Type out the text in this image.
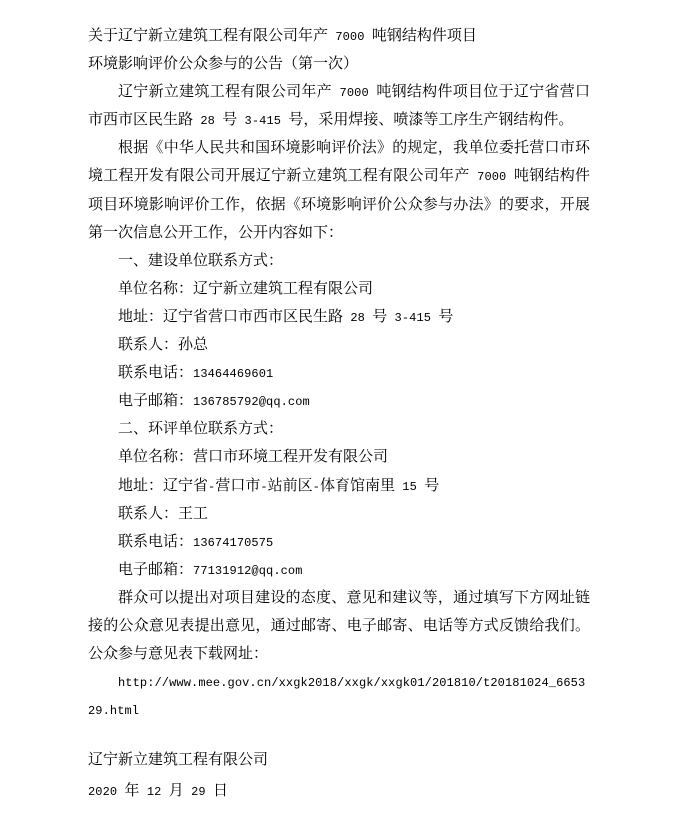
关于辽宁新立建筑工程有限公司年产 7000 吨钢结构件项目

环境影响评价公众参与的公告（第一次）

辽宁新立建筑工程有限公司年产 7000 吨钢结构件项目位于辽宁省营口市西市区民生路 28 号 3-415 号，采用焊接、喷漆等工序生产钢结构件。

根据《中华人民共和国环境影响评价法》的规定，我单位委托营口市环境工程开发有限公司开展辽宁新立建筑工程有限公司年产 7000 吨钢结构件项目环境影响评价工作，依据《环境影响评价公众参与办法》的要求，开展第一次信息公开工作，公开内容如下：

一、建设单位联系方式：

单位名称：辽宁新立建筑工程有限公司

地址：辽宁省营口市西市区民生路 28 号 3-415 号

联系人：孙总

联系电话：13464469601

电子邮箱：136785792@qq.com

二、环评单位联系方式：

单位名称：营口市环境工程开发有限公司

地址：辽宁省-营口市-站前区-体育馆南里 15 号

联系人：王工

联系电话：13674170575

电子邮箱：77131912@qq.com

群众可以提出对项目建设的态度、意见和建议等，通过填写下方网址链接的公众意见表提出意见，通过邮寄、电子邮寄、电话等方式反馈给我们。公众参与意见表下载网址：

http://www.mee.gov.cn/xxgk2018/xxgk/xxgk01/201810/t20181024_665329.html

辽宁新立建筑工程有限公司

2020 年 12 月 29 日
